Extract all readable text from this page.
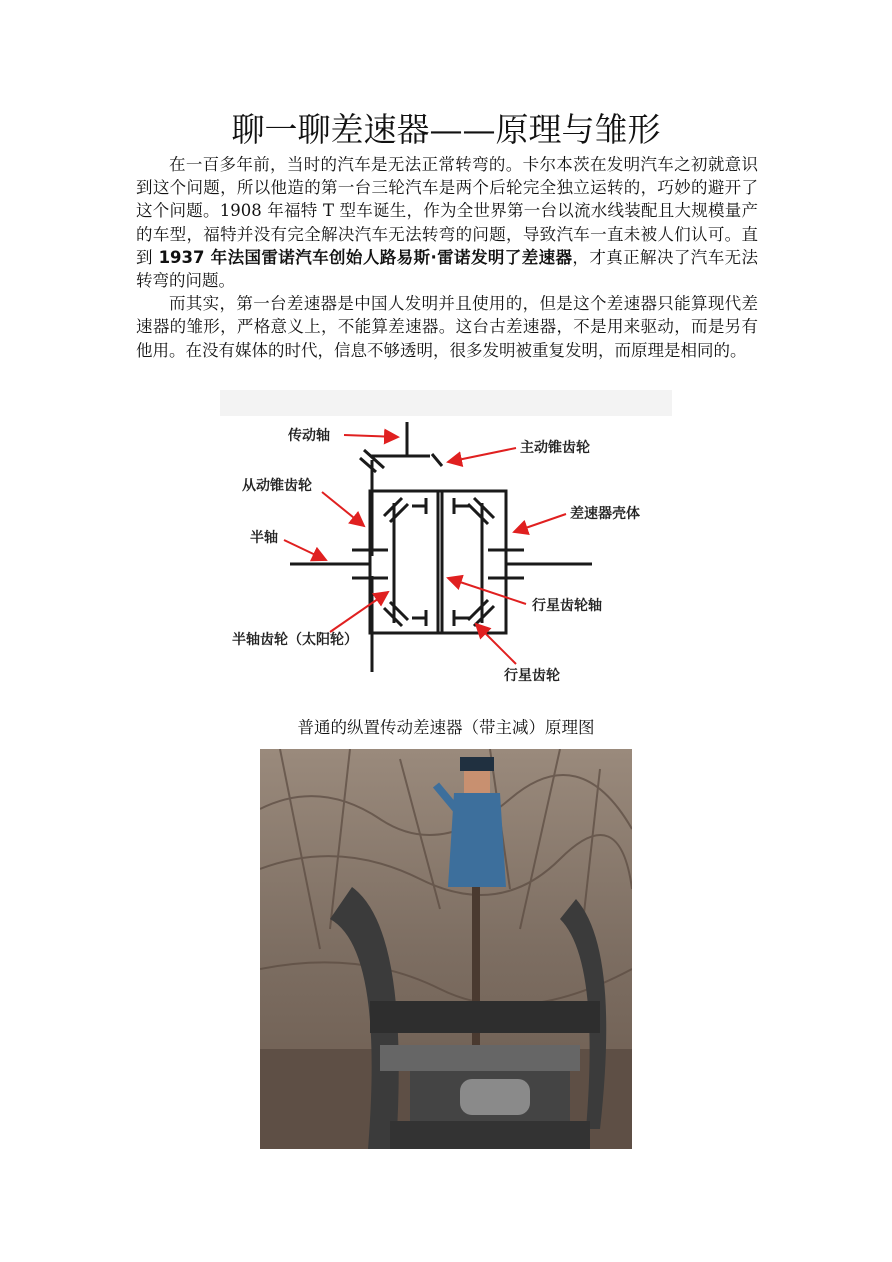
聊一聊差速器——原理与雏形

在一百多年前，当时的汽车是无法正常转弯的。卡尔本茨在发明汽车之初就意识到这个问题，所以他造的第一台三轮汽车是两个后轮完全独立运转的，巧妙的避开了这个问题。1908 年福特 T 型车诞生，作为全世界第一台以流水线装配且大规模量产的车型，福特并没有完全解决汽车无法转弯的问题，导致汽车一直未被人们认可。直到 1937 年法国雷诺汽车创始人路易斯·雷诺发明了差速器，才真正解决了汽车无法转弯的问题。

而其实，第一台差速器是中国人发明并且使用的，但是这个差速器只能算现代差速器的雏形，严格意义上，不能算差速器。这台古差速器，不是用来驱动，而是另有他用。在没有媒体的时代，信息不够透明，很多发明被重复发明，而原理是相同的。

传动轴
主动锥齿轮
从动锥齿轮
差速器壳体
半轴
行星齿轮轴
半轴齿轮（太阳轮）
行星齿轮
普通的纵置传动差速器（带主减）原理图
